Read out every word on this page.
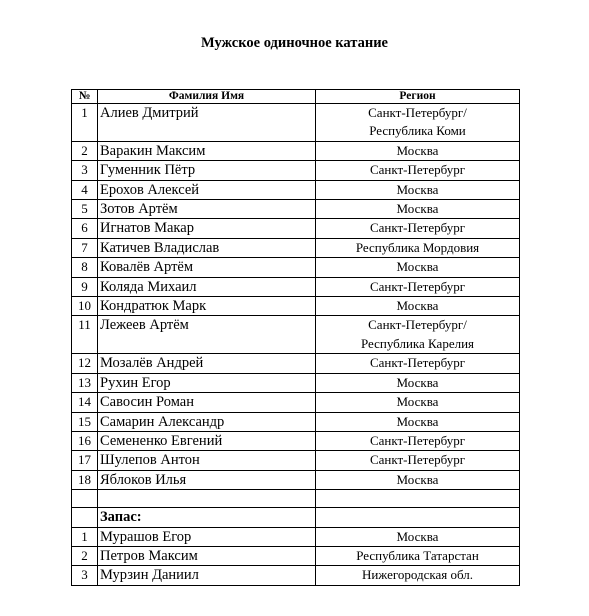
Мужское одиночное катание
№	Фамилия Имя	Регион
1	Алиев Дмитрий	Санкт-Петербург/
Республика Коми

2	Варакин Максим	Москва

3	Гуменник Пётр	Санкт-Петербург

4	Ерохов Алексей	Москва

5	Зотов Артём	Москва

6	Игнатов Макар	Санкт-Петербург

7	Катичев Владислав	Республика Мордовия

8	Ковалёв Артём	Москва

9	Коляда Михаил	Санкт-Петербург

10	Кондратюк Марк	Москва

11	Лежеев Артём	Санкт-Петербург/
Республика Карелия

12	Мозалёв Андрей	Санкт-Петербург

13	Рухин Егор	Москва

14	Савосин Роман	Москва

15	Самарин Александр	Москва

16	Семененко Евгений	Санкт-Петербург

17	Шулепов Антон	Санкт-Петербург

18	Яблоков Илья	Москва

	Запас:	
1	Мурашов Егор	Москва

2	Петров Максим	Республика Татарстан

3	Мурзин Даниил	Нижегородская обл.
